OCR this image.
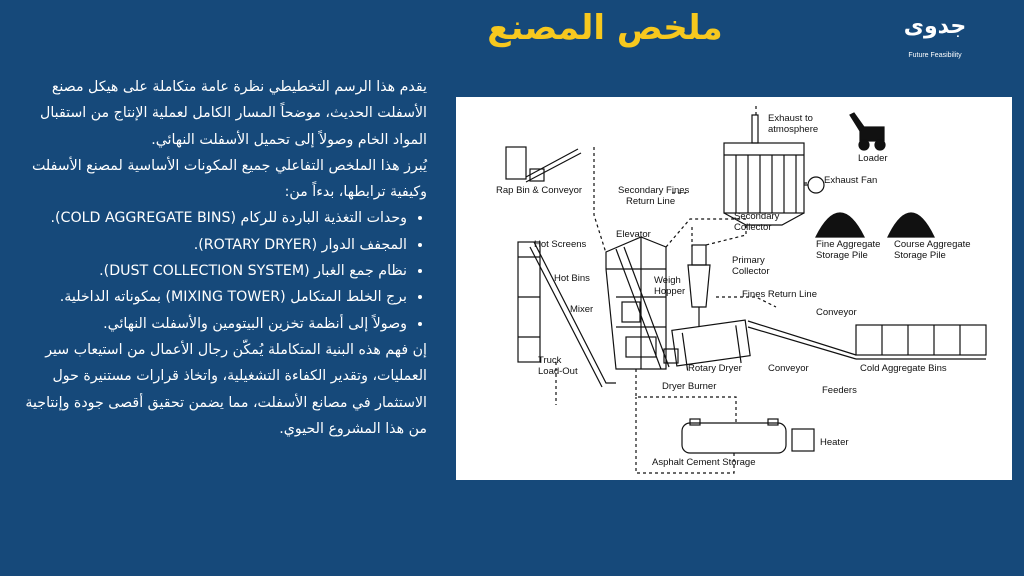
ملخص المصنع	جدوى
Future Feasibility

يقدم هذا الرسم التخطيطي نظرة عامة متكاملة على هيكل مصنع الأسفلت الحديث، موضحاً المسار الكامل لعملية الإنتاج من استقبال المواد الخام وصولاً إلى تحميل الأسفلت النهائي.

يُبرز هذا الملخص التفاعلي جميع المكونات الأساسية لمصنع الأسفلت وكيفية ترابطها، بدءاً من:

• وحدات التغذية الباردة للركام (COLD AGGREGATE BINS).
• المجفف الدوار (ROTARY DRYER).
• نظام جمع الغبار (DUST COLLECTION SYSTEM).
• برج الخلط المتكامل (MIXING TOWER) بمكوناته الداخلية.
• وصولاً إلى أنظمة تخزين البيتومين والأسفلت النهائي.

إن فهم هذه البنية المتكاملة يُمكّن رجال الأعمال من استيعاب سير العمليات، وتقدير الكفاءة التشغيلية، واتخاذ قرارات مستنيرة حول الاستثمار في مصانع الأسفلت، مما يضمن تحقيق أقصى جودة وإنتاجية من هذا المشروع الحيوي.

Rap Bin & Conveyor
Exhaust to
atmosphere
Loader
Exhaust Fan
Secondary Fines
Return Line
Secondary
Collector
Fine Aggregate
Storage Pile
Course Aggregate
Storage Pile
Hot Screens
Elevator
Primary
Collector
Hot Bins	Weigh
Hopper	Fines Return Line
Mixer	Conveyor
Truck
Load-Out	Rotary Dryer	Conveyor	Cold Aggregate Bins
Dryer Burner	Feeders
Heater
Asphalt Cement Storage
